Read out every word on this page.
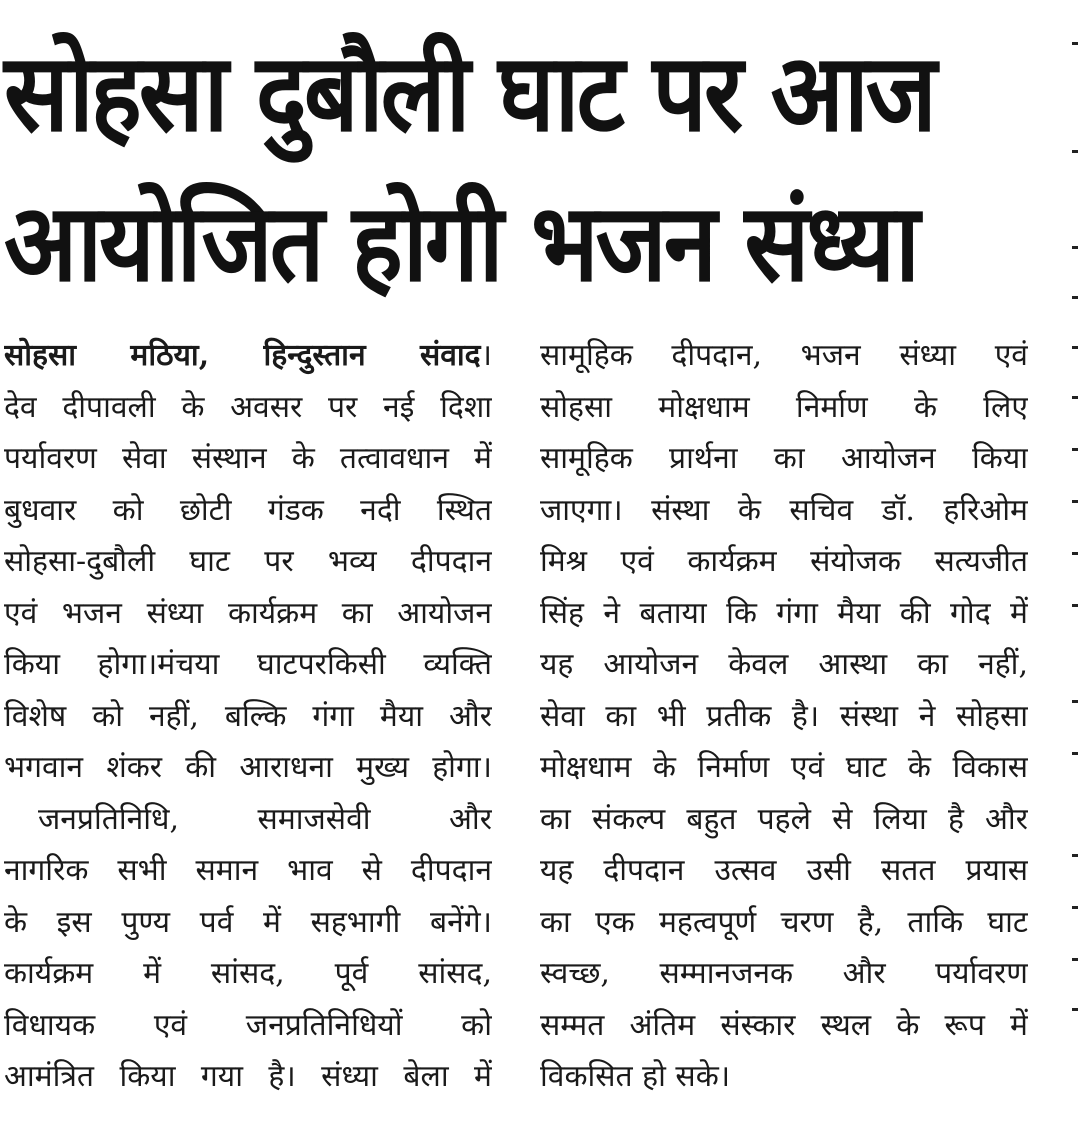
सोहसा दुबौली घाट पर आज
आयोजित होगी भजन संध्या
सोहसा मठिया, हिन्दुस्तान संवाद।
देव दीपावली के अवसर पर नई दिशा
पर्यावरण सेवा संस्थान के तत्वावधान में
बुधवार को छोटी गंडक नदी स्थित
सोहसा-दुबौली घाट पर भव्य दीपदान
एवं भजन संध्या कार्यक्रम का आयोजन
किया होगा।मंचया घाटपरकिसी व्यक्ति
विशेष को नहीं, बल्कि गंगा मैया और
भगवान शंकर की आराधना मुख्य होगा।
जनप्रतिनिधि, समाजसेवी और
नागरिक सभी समान भाव से दीपदान
के इस पुण्य पर्व में सहभागी बनेंगे।
कार्यक्रम में सांसद, पूर्व सांसद,
विधायक एवं जनप्रतिनिधियों को
आमंत्रित किया गया है। संध्या बेला में
सामूहिक दीपदान, भजन संध्या एवं
सोहसा मोक्षधाम निर्माण के लिए
सामूहिक प्रार्थना का आयोजन किया
जाएगा। संस्था के सचिव डॉ. हरिओम
मिश्र एवं कार्यक्रम संयोजक सत्यजीत
सिंह ने बताया कि गंगा मैया की गोद में
यह आयोजन केवल आस्था का नहीं,
सेवा का भी प्रतीक है। संस्था ने सोहसा
मोक्षधाम के निर्माण एवं घाट के विकास
का संकल्प बहुत पहले से लिया है और
यह दीपदान उत्सव उसी सतत प्रयास
का एक महत्वपूर्ण चरण है, ताकि घाट
स्वच्छ, सम्मानजनक और पर्यावरण
सम्मत अंतिम संस्कार स्थल के रूप में
विकसित हो सके।
